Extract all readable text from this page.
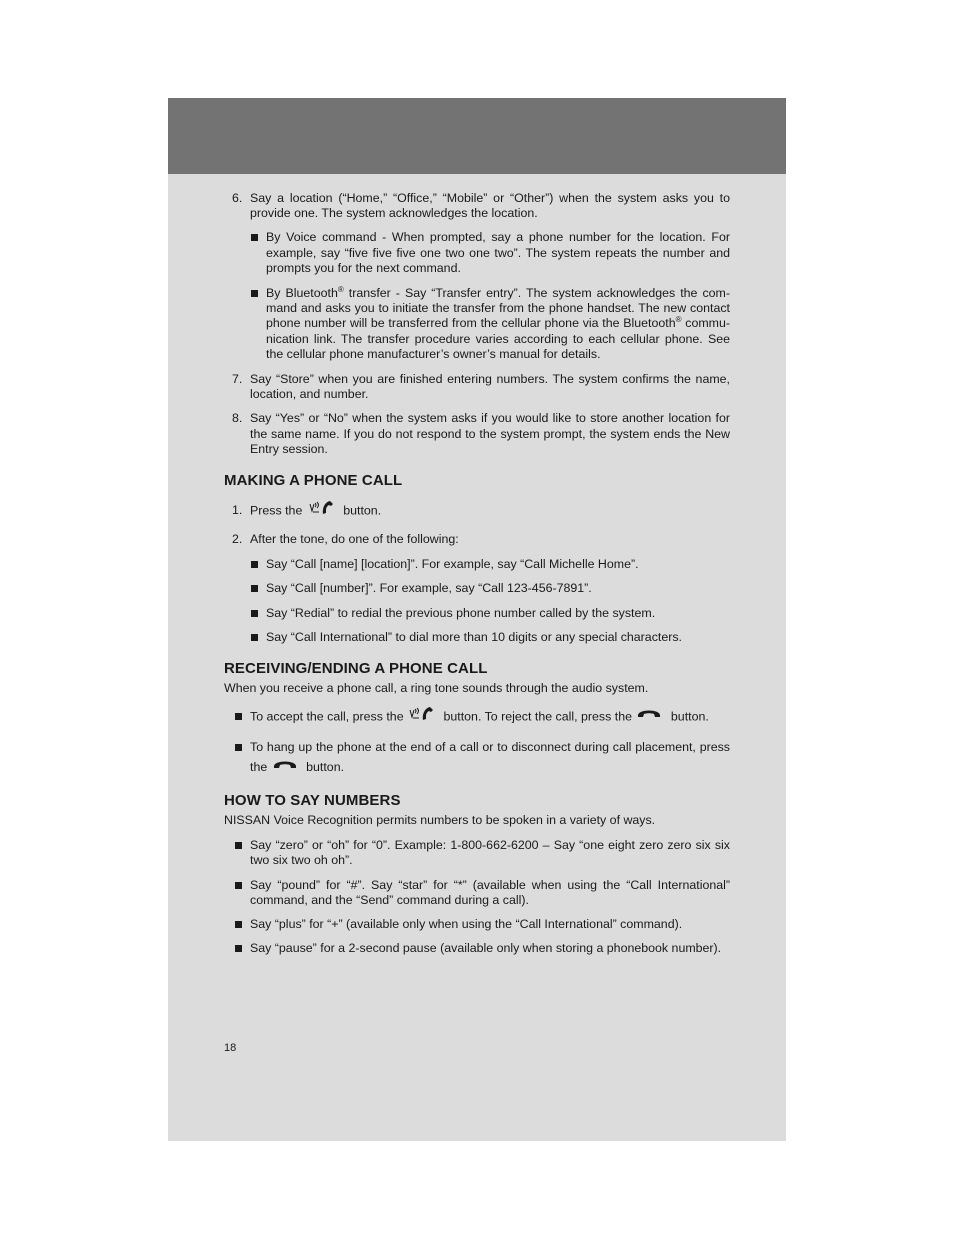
6. Say a location (“Home,” “Office,” “Mobile” or “Other”) when the system asks you to provide one. The system acknowledges the location.

By Voice command - When prompted, say a phone number for the location. For example, say “five five five one two one two”. The system repeats the number and prompts you for the next command.

By Bluetooth® transfer - Say “Transfer entry”. The system acknowledges the com-mand and asks you to initiate the transfer from the phone handset. The new contact phone number will be transferred from the cellular phone via the Bluetooth® commu-nication link. The transfer procedure varies according to each cellular phone. See the cellular phone manufacturer’s owner’s manual for details.

7. Say “Store” when you are finished entering numbers. The system confirms the name, location, and number.

8. Say “Yes” or “No” when the system asks if you would like to store another location for the same name. If you do not respond to the system prompt, the system ends the New Entry session.

MAKING A PHONE CALL
1. Press the	button.
2. After the tone, do one of the following:

Say “Call [name] [location]”. For example, say “Call Michelle Home”.

Say “Call [number]”. For example, say “Call 123-456-7891”.

Say “Redial” to redial the previous phone number called by the system.

Say “Call International” to dial more than 10 digits or any special characters.

RECEIVING/ENDING A PHONE CALL

When you receive a phone call, a ring tone sounds through the audio system.

To accept the call, press the	button. To reject the call, press the	button.
To hang up the phone at the end of a call or to disconnect during call placement, press the	button.
HOW TO SAY NUMBERS

NISSAN Voice Recognition permits numbers to be spoken in a variety of ways.

Say “zero” or “oh” for “0”. Example: 1-800-662-6200 – Say “one eight zero zero six six two six two oh oh”.

Say “pound” for “#”. Say “star” for “*” (available when using the “Call International” command, and the “Send” command during a call).

Say “plus” for “+” (available only when using the “Call International” command).

Say “pause” for a 2-second pause (available only when storing a phonebook number).

18
